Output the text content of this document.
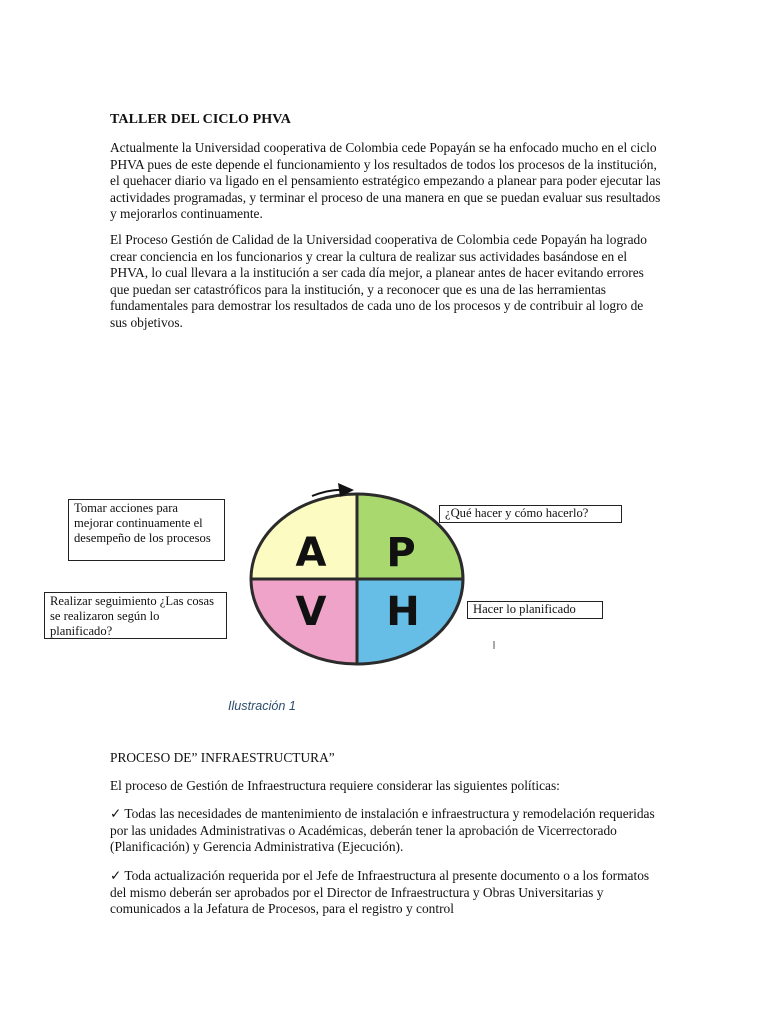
TALLER DEL CICLO PHVA

Actualmente la Universidad cooperativa de Colombia cede Popayán se ha enfocado mucho en el ciclo PHVA pues de este depende el funcionamiento y los resultados de todos los procesos de la institución, el quehacer diario va ligado en el pensamiento estratégico empezando a planear para poder ejecutar las actividades programadas, y terminar el proceso de una manera en que se puedan evaluar sus resultados y mejorarlos continuamente.

El Proceso Gestión de Calidad de la Universidad cooperativa de Colombia cede Popayán ha logrado crear conciencia en los funcionarios y crear la cultura de realizar sus actividades basándose en el PHVA, lo cual llevara a la institución a ser cada día mejor, a planear antes de hacer evitando errores que puedan ser catastróficos para la institución, y a reconocer que es una de las herramientas fundamentales para demostrar los resultados de cada uno de los procesos y de contribuir al logro de sus objetivos.

A P
V H
Tomar acciones para mejorar continuamente el desempeño de los procesos
Realizar seguimiento ¿Las cosas se realizaron según lo planificado?
¿Qué hacer y cómo hacerlo?
Hacer lo planificado

Ilustración 1

PROCESO DE” INFRAESTRUCTURA”

El proceso de Gestión de Infraestructura requiere considerar las siguientes políticas:

✓ Todas las necesidades de mantenimiento de instalación e infraestructura y remodelación requeridas por las unidades Administrativas o Académicas, deberán tener la aprobación de Vicerrectorado (Planificación) y Gerencia Administrativa (Ejecución).

✓ Toda actualización requerida por el Jefe de Infraestructura al presente documento o a los formatos del mismo deberán ser aprobados por el Director de Infraestructura y Obras Universitarias y comunicados a la Jefatura de Procesos, para el registro y control
